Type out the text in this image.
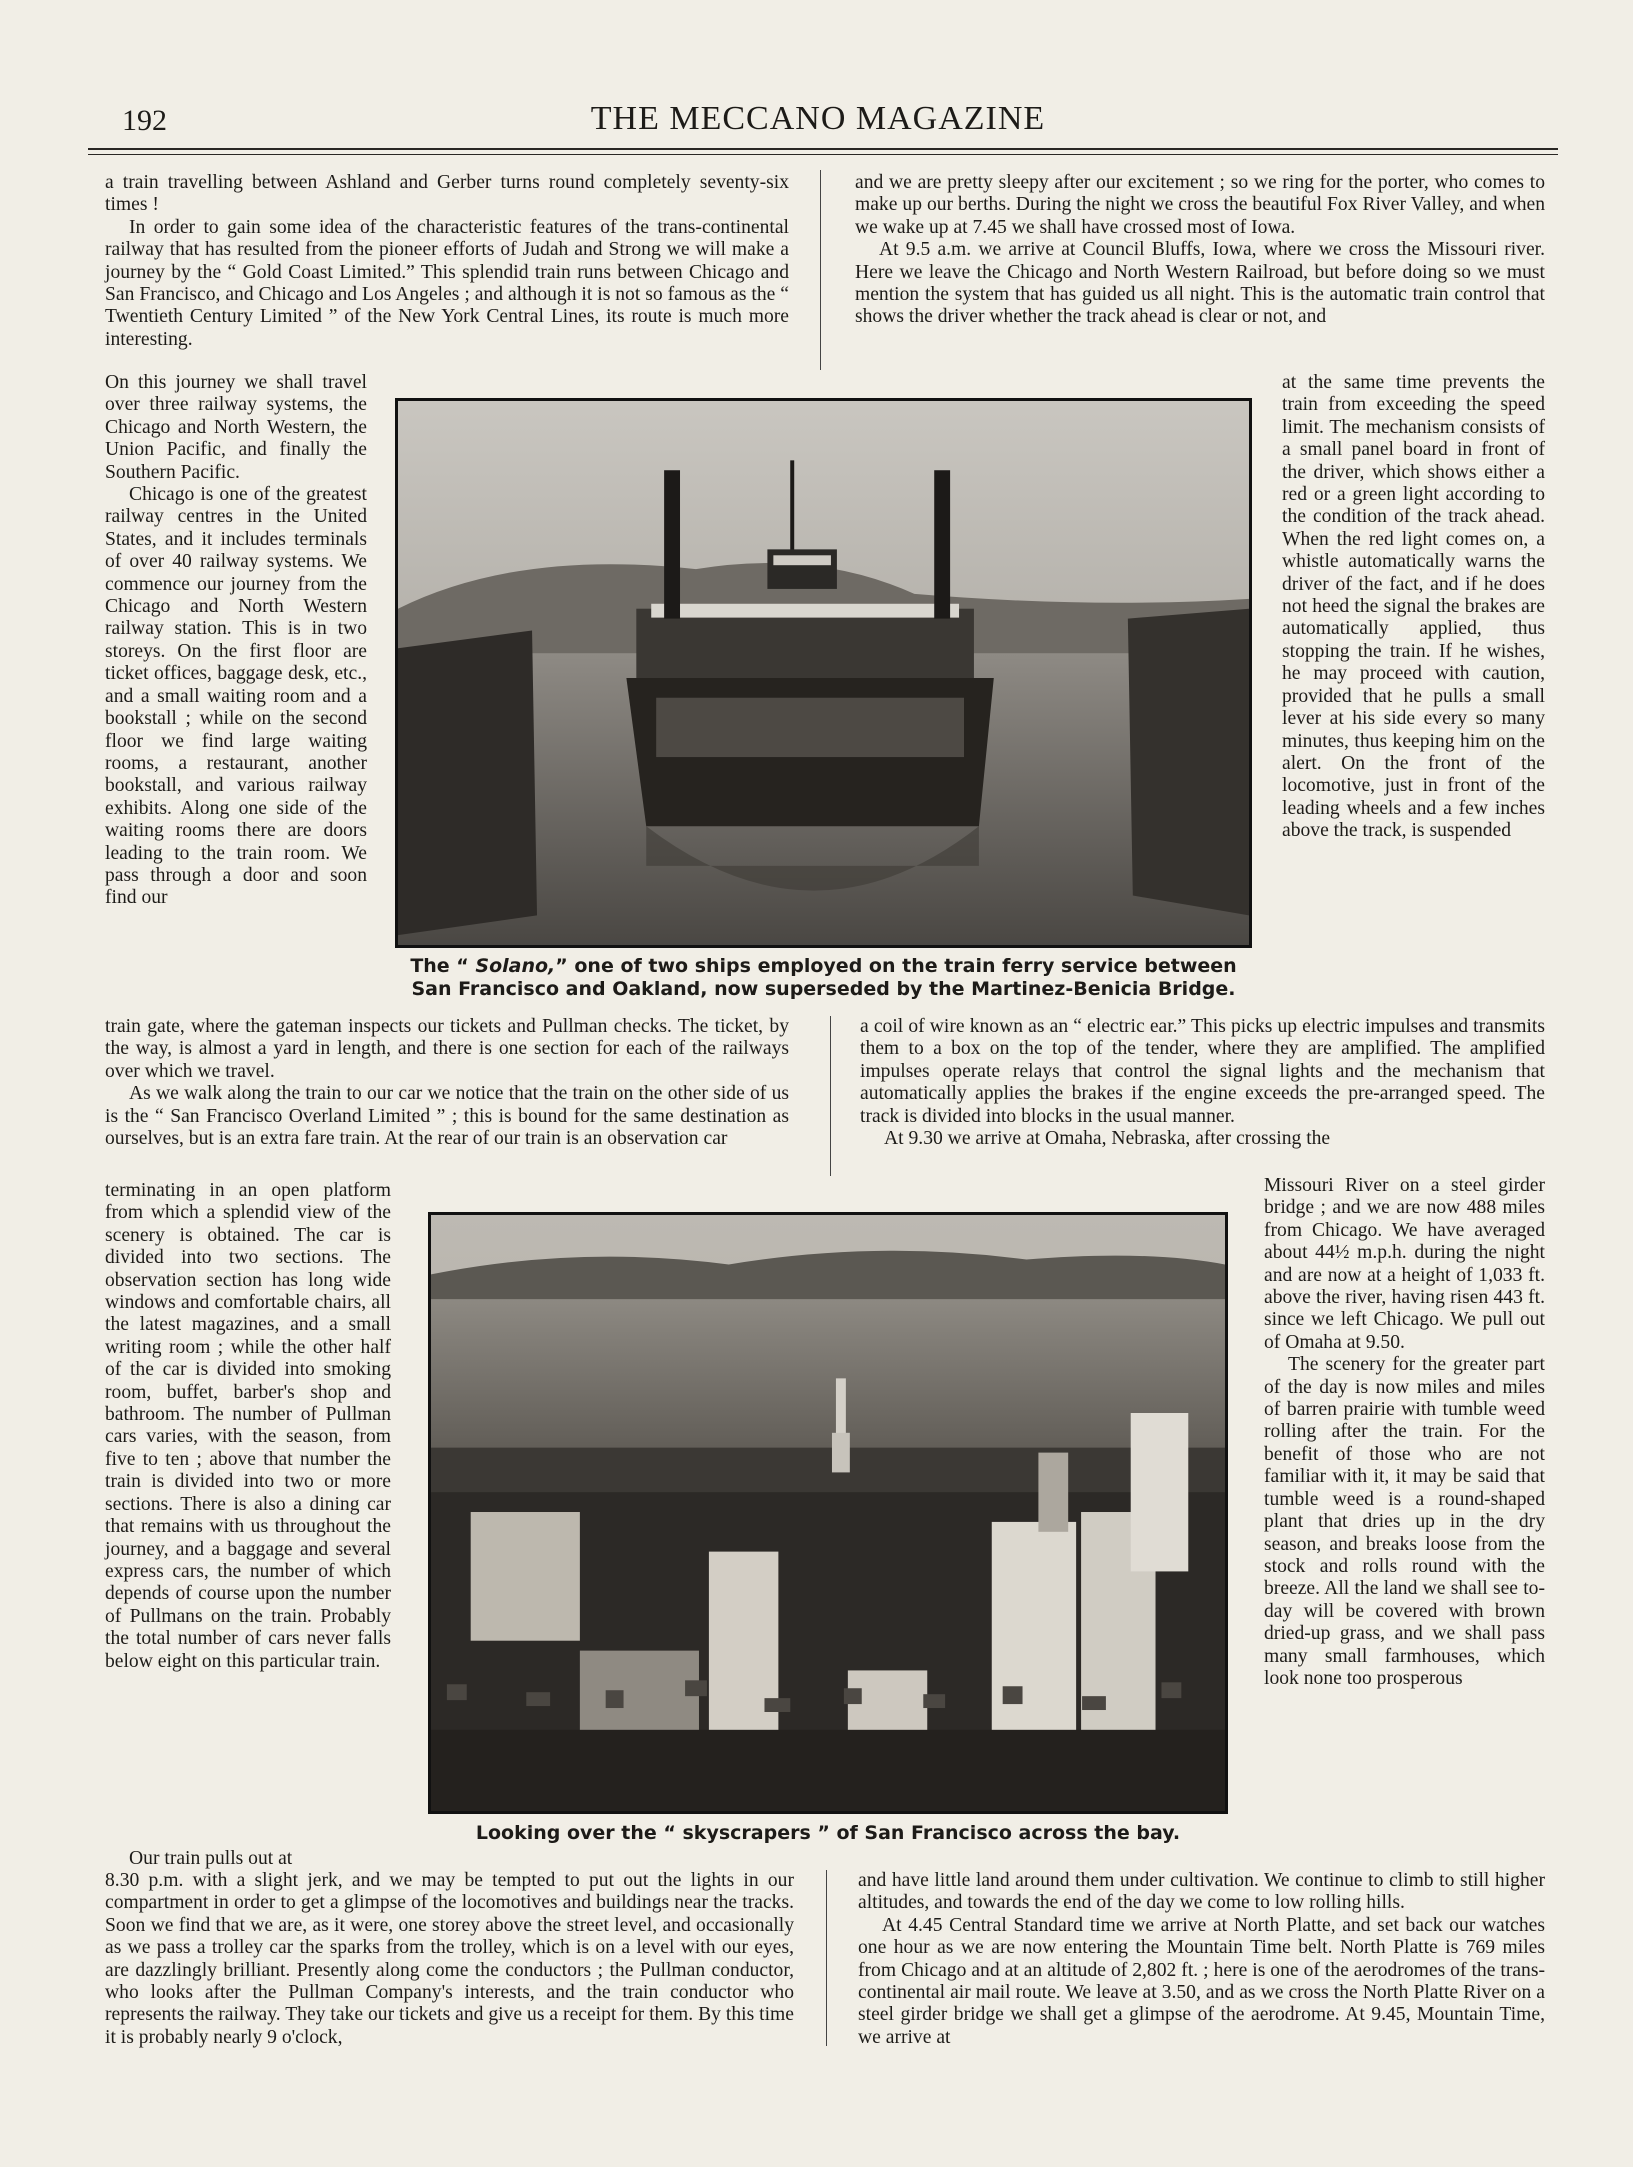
192	THE MECCANO MAGAZINE

a train travelling between Ashland and Gerber turns round completely seventy-six times !

In order to gain some idea of the characteristic features of the trans-continental railway that has resulted from the pioneer efforts of Judah and Strong we will make a journey by the “ Gold Coast Limited.” This splendid train runs between Chicago and San Francisco, and Chicago and Los Angeles ; and although it is not so famous as the “ Twentieth Century Limited ” of the New York Central Lines, its route is much more interesting.

and we are pretty sleepy after our excitement ; so we ring for the porter, who comes to make up our berths. During the night we cross the beautiful Fox River Valley, and when we wake up at 7.45 we shall have crossed most of Iowa.

At 9.5 a.m. we arrive at Council Bluffs, Iowa, where we cross the Missouri river. Here we leave the Chicago and North Western Railroad, but before doing so we must mention the system that has guided us all night. This is the automatic train control that shows the driver whether the track ahead is clear or not, and

On this journey we shall travel over three railway systems, the Chicago and North Western, the Union Pacific, and finally the Southern Pacific.

Chicago is one of the greatest railway centres in the United States, and it includes terminals of over 40 railway systems. We commence our journey from the Chicago and North Western railway station. This is in two storeys. On the first floor are ticket offices, baggage desk, etc., and a small waiting room and a bookstall ; while on the second floor we find large waiting rooms, a restaurant, another bookstall, and various railway exhibits. Along one side of the waiting rooms there are doors leading to the train room. We pass through a door and soon find our

at the same time prevents the train from exceeding the speed limit. The mechanism consists of a small panel board in front of the driver, which shows either a red or a green light according to the condition of the track ahead. When the red light comes on, a whistle automatically warns the driver of the fact, and if he does not heed the signal the brakes are automatically applied, thus stopping the train. If he wishes, he may proceed with caution, provided that he pulls a small lever at his side every so many minutes, thus keeping him on the alert. On the front of the locomotive, just in front of the leading wheels and a few inches above the track, is suspended

The “ Solano,” one of two ships employed on the train ferry service between San Francisco and Oakland, now superseded by the Martinez-Benicia Bridge.

train gate, where the gateman inspects our tickets and Pullman checks. The ticket, by the way, is almost a yard in length, and there is one section for each of the railways over which we travel.

As we walk along the train to our car we notice that the train on the other side of us is the “ San Francisco Overland Limited ” ; this is bound for the same destination as ourselves, but is an extra fare train. At the rear of our train is an observation car

a coil of wire known as an “ electric ear.” This picks up electric impulses and transmits them to a box on the top of the tender, where they are amplified. The amplified impulses operate relays that control the signal lights and the mechanism that automatically applies the brakes if the engine exceeds the pre-arranged speed. The track is divided into blocks in the usual manner.

At 9.30 we arrive at Omaha, Nebraska, after crossing the

terminating in an open platform from which a splendid view of the scenery is obtained. The car is divided into two sections. The observation section has long wide windows and comfortable chairs, all the latest magazines, and a small writing room ; while the other half of the car is divided into smoking room, buffet, barber's shop and bathroom. The number of Pullman cars varies, with the season, from five to ten ; above that number the train is divided into two or more sections. There is also a dining car that remains with us throughout the journey, and a baggage and several express cars, the number of which depends of course upon the number of Pullmans on the train. Probably the total number of cars never falls below eight on this particular train.

Missouri River on a steel girder bridge ; and we are now 488 miles from Chicago. We have averaged about 44½ m.p.h. during the night and are now at a height of 1,033 ft. above the river, having risen 443 ft. since we left Chicago. We pull out of Omaha at 9.50.

The scenery for the greater part of the day is now miles and miles of barren prairie with tumble weed rolling after the train. For the benefit of those who are not familiar with it, it may be said that tumble weed is a round-shaped plant that dries up in the dry season, and breaks loose from the stock and rolls round with the breeze. All the land we shall see to-day will be covered with brown dried-up grass, and we shall pass many small farmhouses, which look none too prosperous

Looking over the “ skyscrapers ” of San Francisco across the bay.

Our train pulls out at

8.30 p.m. with a slight jerk, and we may be tempted to put out the lights in our compartment in order to get a glimpse of the locomotives and buildings near the tracks. Soon we find that we are, as it were, one storey above the street level, and occasionally as we pass a trolley car the sparks from the trolley, which is on a level with our eyes, are dazzlingly brilliant. Presently along come the conductors ; the Pullman conductor, who looks after the Pullman Company's interests, and the train conductor who represents the railway. They take our tickets and give us a receipt for them. By this time it is probably nearly 9 o'clock,

and have little land around them under cultivation. We continue to climb to still higher altitudes, and towards the end of the day we come to low rolling hills.

At 4.45 Central Standard time we arrive at North Platte, and set back our watches one hour as we are now entering the Mountain Time belt. North Platte is 769 miles from Chicago and at an altitude of 2,802 ft. ; here is one of the aerodromes of the trans-continental air mail route. We leave at 3.50, and as we cross the North Platte River on a steel girder bridge we shall get a glimpse of the aerodrome. At 9.45, Mountain Time, we arrive at
